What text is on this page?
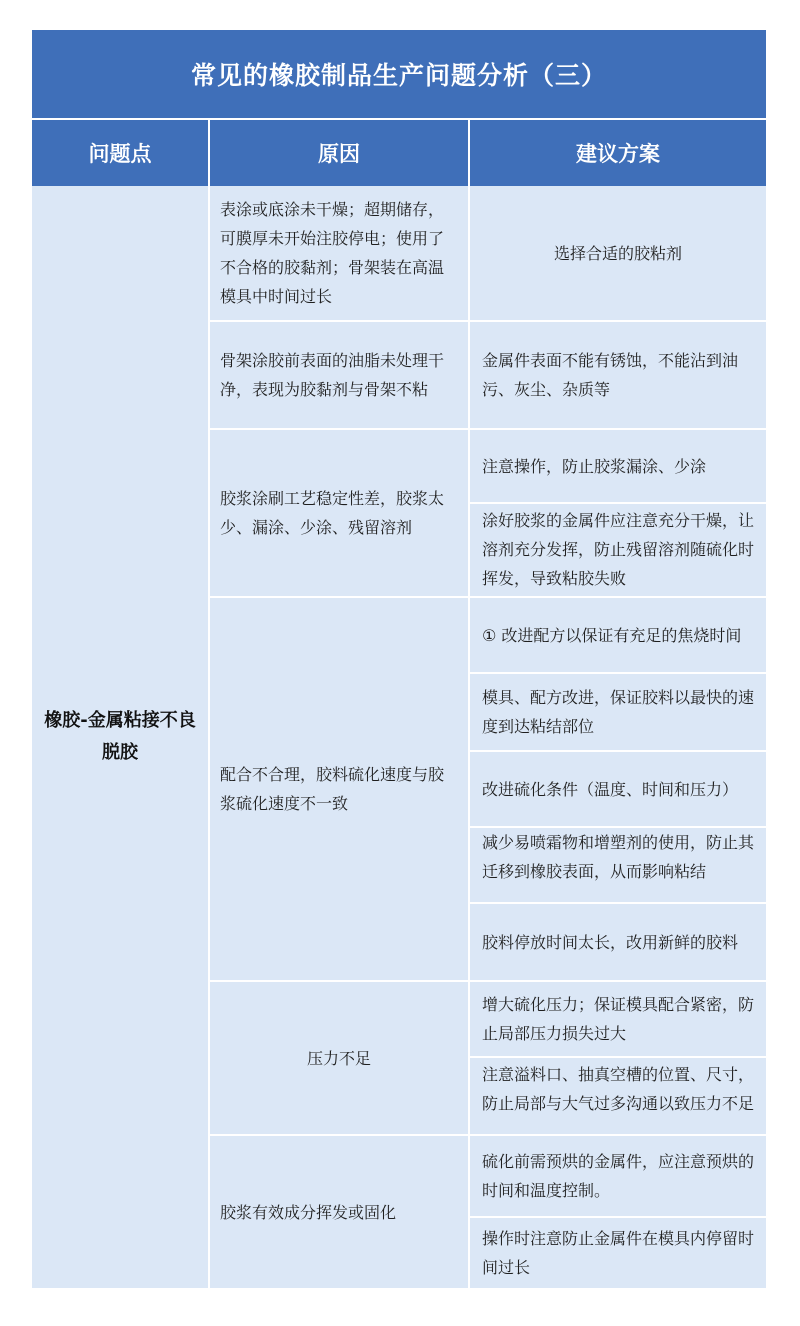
常见的橡胶制品生产问题分析（三）
问题点	原因	建议方案
橡胶-金属粘接不良脱胶
表涂或底涂未干燥；超期储存，可膜厚未开始注胶停电；使用了不合格的胶黏剂；骨架装在高温模具中时间过长
骨架涂胶前表面的油脂未处理干净，表现为胶黏剂与骨架不粘
胶浆涂刷工艺稳定性差，胶浆太少、漏涂、少涂、残留溶剂
配合不合理，胶料硫化速度与胶浆硫化速度不一致
压力不足
胶浆有效成分挥发或固化
选择合适的胶粘剂
金属件表面不能有锈蚀，不能沾到油污、灰尘、杂质等
注意操作，防止胶浆漏涂、少涂
涂好胶浆的金属件应注意充分干燥，让溶剂充分发挥，防止残留溶剂随硫化时挥发，导致粘胶失败
① 改进配方以保证有充足的焦烧时间
模具、配方改进，保证胶料以最快的速度到达粘结部位
改进硫化条件（温度、时间和压力）
减少易喷霜物和增塑剂的使用，防止其迁移到橡胶表面，从而影响粘结
胶料停放时间太长，改用新鲜的胶料
增大硫化压力；保证模具配合紧密，防止局部压力损失过大
注意溢料口、抽真空槽的位置、尺寸，防止局部与大气过多沟通以致压力不足
硫化前需预烘的金属件，应注意预烘的时间和温度控制。
操作时注意防止金属件在模具内停留时间过长
